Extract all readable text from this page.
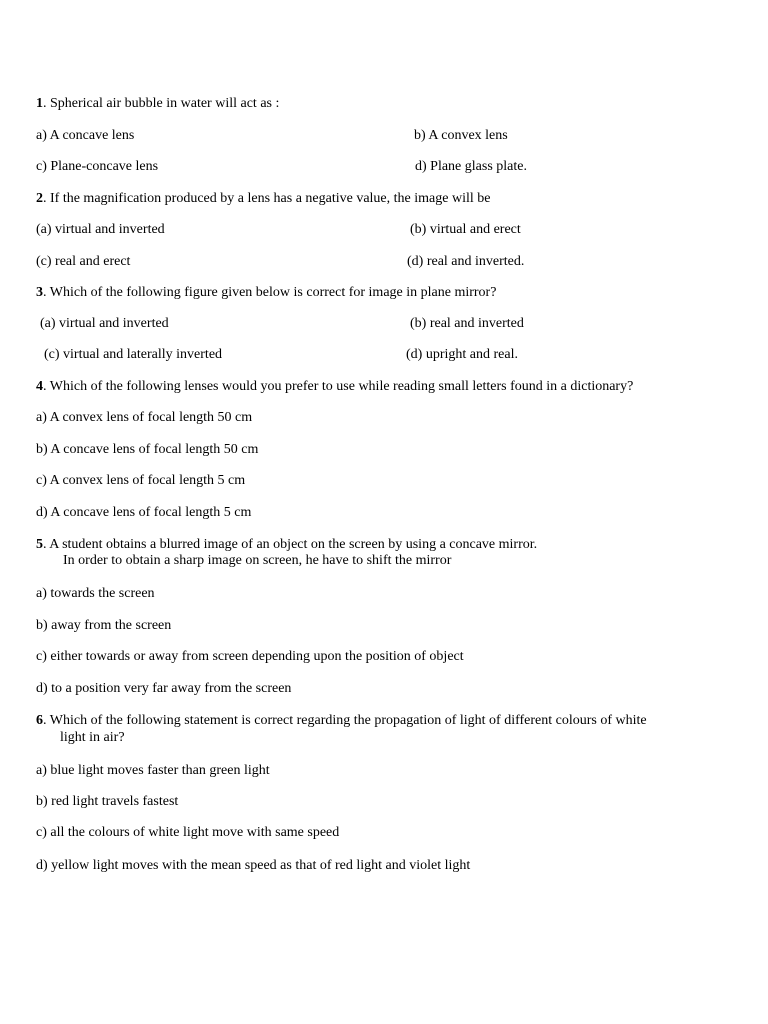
1. Spherical air bubble in water will act as :
a) A concave lens	b) A convex lens
c) Plane-concave lens	d) Plane glass plate.
2. If the magnification produced by a lens has a negative value, the image will be
(a) virtual and inverted	(b) virtual and erect
(c) real and erect	(d) real and inverted.
3. Which of the following figure given below is correct for image in plane mirror?
(a) virtual and inverted	(b) real and inverted
(c) virtual and laterally inverted	(d) upright and real.
4. Which of the following lenses would you prefer to use while reading small letters found in a dictionary?
a) A convex lens of focal length 50 cm
b) A concave lens of focal length 50 cm
c) A convex lens of focal length 5 cm
d) A concave lens of focal length 5 cm
5. A student obtains a blurred image of an object on the screen by using a concave mirror.
In order to obtain a sharp image on screen, he have to shift the mirror
a) towards the screen
b) away from the screen
c) either towards or away from screen depending upon the position of object
d) to a position very far away from the screen
6. Which of the following statement is correct regarding the propagation of light of different colours of white
light in air?
a) blue light moves faster than green light
b) red light travels fastest
c) all the colours of white light move with same speed
d) yellow light moves with the mean speed as that of red light and violet light
